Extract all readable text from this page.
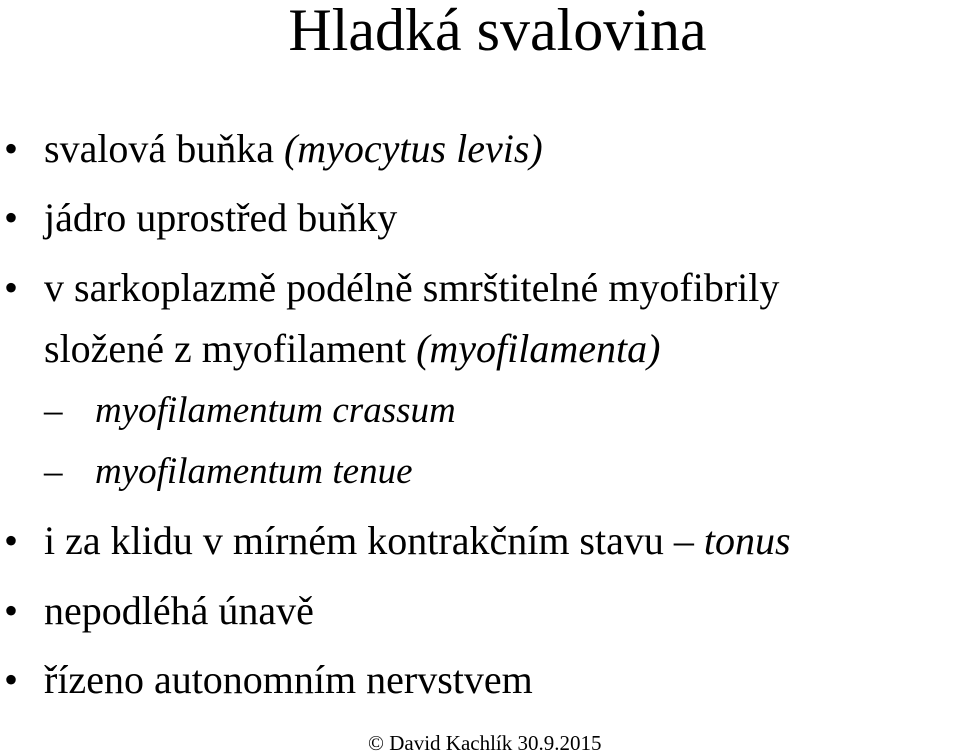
Hladká svalovina
• svalová buňka (myocytus levis)
• jádro uprostřed buňky
• v sarkoplazmě podélně smrštitelné myofibrily
složené z myofilament (myofilamenta)
– myofilamentum crassum
– myofilamentum tenue
• i za klidu v mírném kontrakčním stavu – tonus
• nepodléhá únavě
• řízeno autonomním nervstvem
© David Kachlík 30.9.2015
